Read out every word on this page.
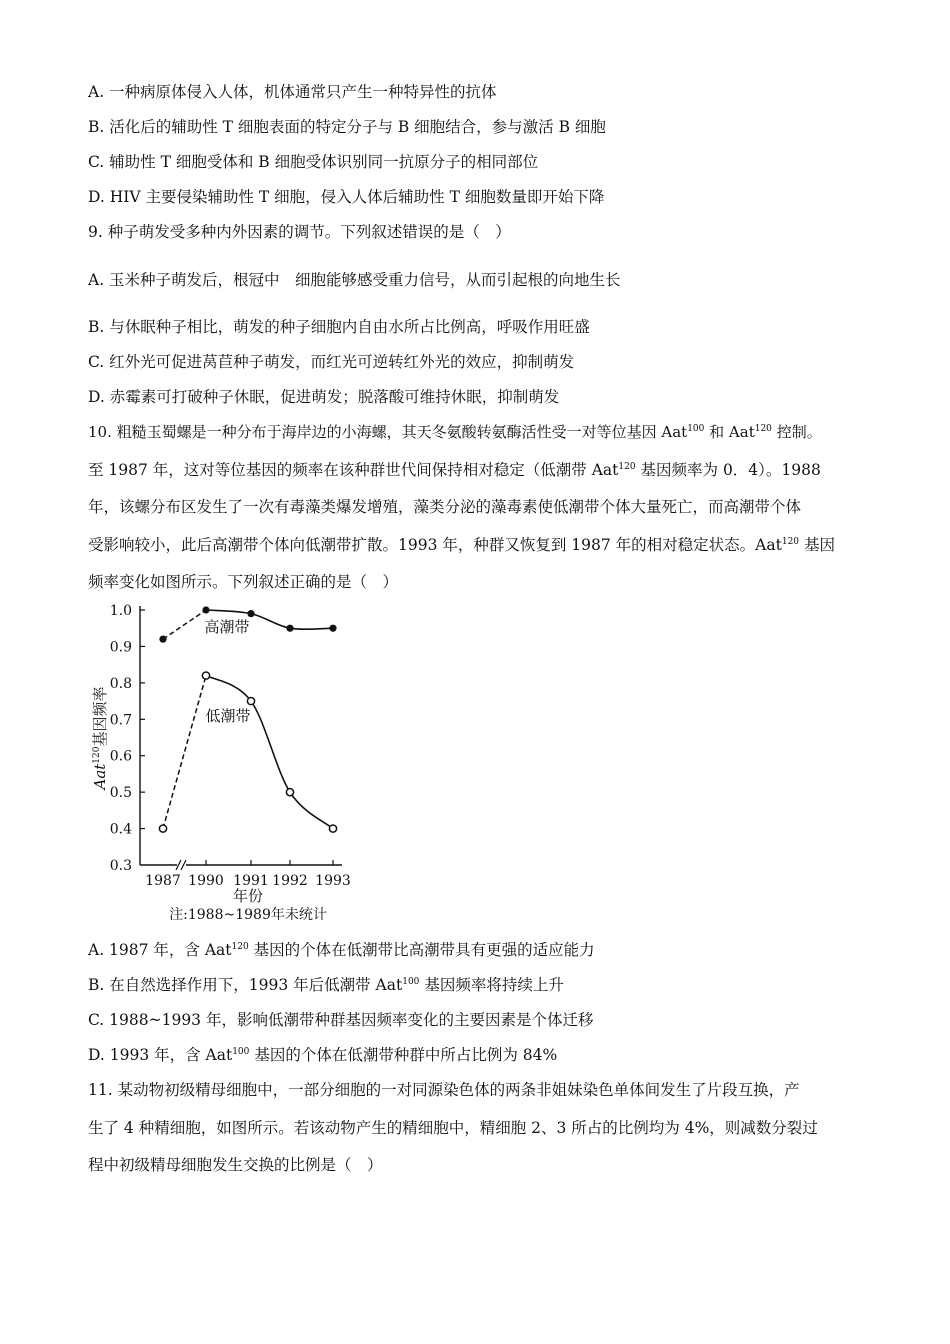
A. 一种病原体侵入人体，机体通常只产生一种特异性的抗体
B. 活化后的辅助性 T 细胞表面的特定分子与 B 细胞结合，参与激活 B 细胞
C. 辅助性 T 细胞受体和 B 细胞受体识别同一抗原分子的相同部位
D. HIV 主要侵染辅助性 T 细胞，侵入人体后辅助性 T 细胞数量即开始下降
9. 种子萌发受多种内外因素的调节。下列叙述错误的是（　）
A. 玉米种子萌发后，根冠中　细胞能够感受重力信号，从而引起根的向地生长
B. 与休眠种子相比，萌发的种子细胞内自由水所占比例高，呼吸作用旺盛
C. 红外光可促进莴苣种子萌发，而红光可逆转红外光的效应，抑制萌发
D. 赤霉素可打破种子休眠，促进萌发；脱落酸可维持休眠，抑制萌发
10. 粗糙玉蜀螺是一种分布于海岸边的小海螺，其天冬氨酸转氨酶活性受一对等位基因 Aat$^{100}$ 和 Aat$^{120}$ 控制。
至 1987 年，这对等位基因的频率在该种群世代间保持相对稳定（低潮带 Aat$^{120}$ 基因频率为 0．4）。1988
年，该螺分布区发生了一次有毒藻类爆发增殖，藻类分泌的藻毒素使低潮带个体大量死亡，而高潮带个体
受影响较小，此后高潮带个体向低潮带扩散。1993 年，种群又恢复到 1987 年的相对稳定状态。Aat$^{120}$ 基因
频率变化如图所示。下列叙述正确的是（　）
0.3
0.4
0.5
0.6
0.7
0.8
0.9
1.0
1987 1990 1991 1992 1993
高潮带
低潮带
Aat$^{120}$基因频率
年份
注:1988~1989年未统计
A. 1987 年，含 Aat$^{120}$ 基因的个体在低潮带比高潮带具有更强的适应能力
B. 在自然选择作用下，1993 年后低潮带 Aat$^{100}$ 基因频率将持续上升
C. 1988~1993 年，影响低潮带种群基因频率变化的主要因素是个体迁移
D. 1993 年，含 Aat$^{100}$ 基因的个体在低潮带种群中所占比例为 84%
11. 某动物初级精母细胞中，一部分细胞的一对同源染色体的两条非姐妹染色单体间发生了片段互换，产
生了 4 种精细胞，如图所示。若该动物产生的精细胞中，精细胞 2、3 所占的比例均为 4%，则减数分裂过
程中初级精母细胞发生交换的比例是（　）
